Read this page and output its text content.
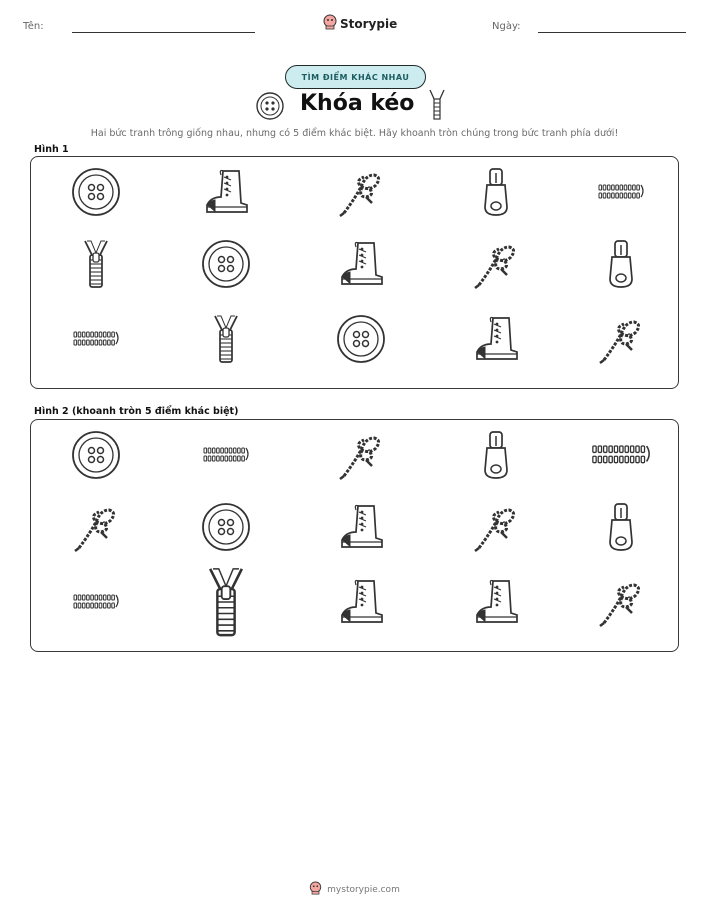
Tên:	Storypie	Ngày:
TÌM ĐIỂM KHÁC NHAU
Khóa kéo
Hai bức tranh trông giống nhau, nhưng có 5 điểm khác biệt. Hãy khoanh tròn chúng trong bức tranh phía dưới!
Hình 1
Hình 2 (khoanh tròn 5 điểm khác biệt)
mystorypie.com
